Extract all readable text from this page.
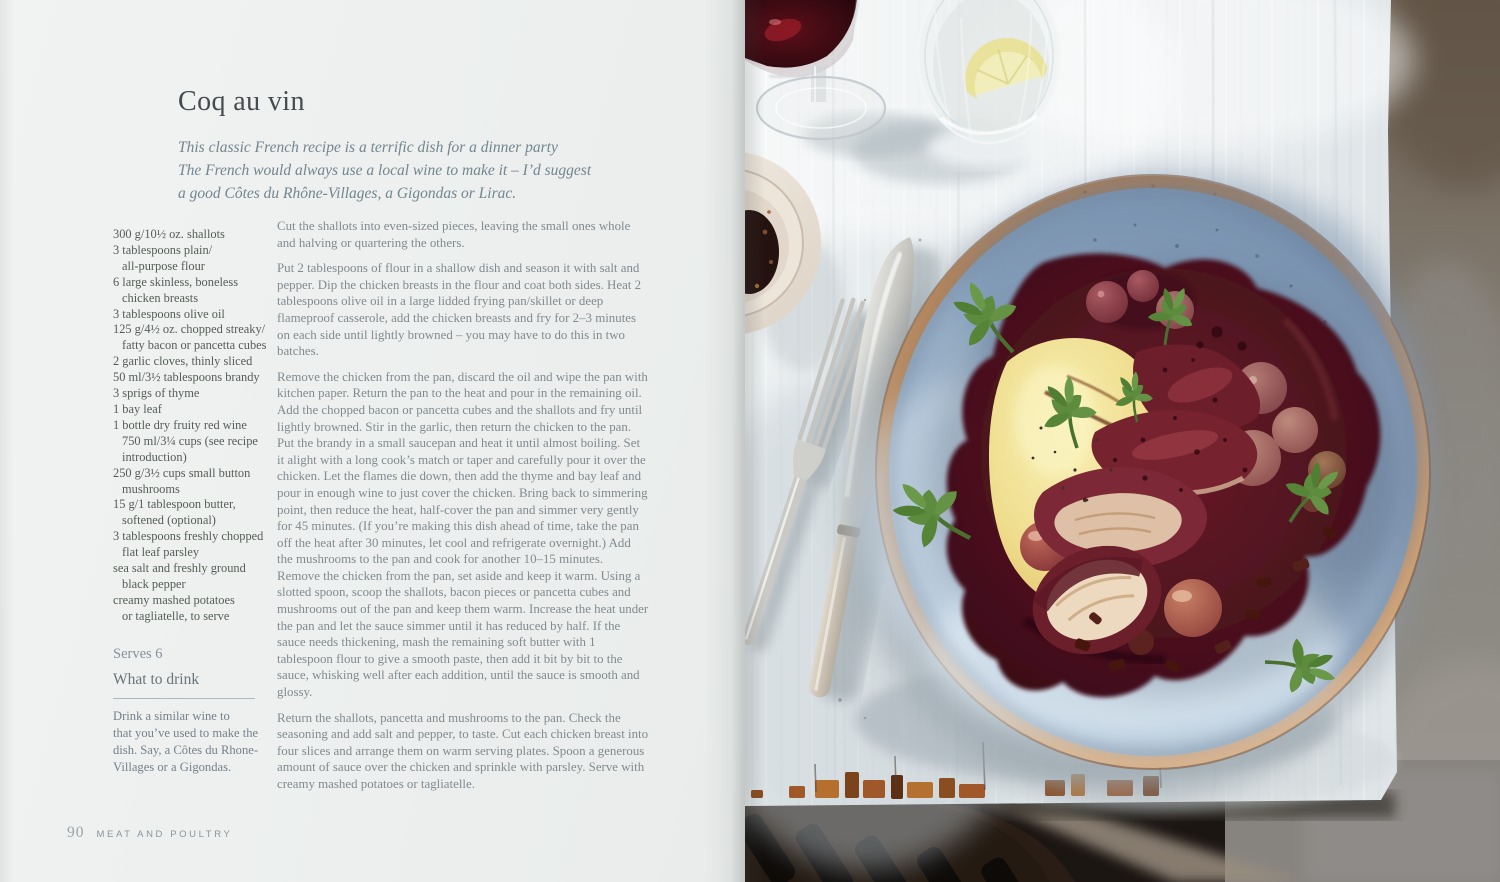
Coq au vin
This classic French recipe is a terrific dish for a dinner party
The French would always use a local wine to make it – I’d suggest
a good Côtes du Rhône-Villages, a Gigondas or Lirac.
300 g/10½ oz. shallots
3 tablespoons plain/
all-purpose flour
6 large skinless, boneless
chicken breasts
3 tablespoons olive oil
125 g/4½ oz. chopped streaky/
fatty bacon or pancetta cubes
2 garlic cloves, thinly sliced
50 ml/3½ tablespoons brandy
3 sprigs of thyme
1 bay leaf
1 bottle dry fruity red wine
750 ml/3¼ cups (see recipe
introduction)
250 g/3½ cups small button
mushrooms
15 g/1 tablespoon butter,
softened (optional)
3 tablespoons freshly chopped
flat leaf parsley
sea salt and freshly ground
black pepper
creamy mashed potatoes
or tagliatelle, to serve
Serves 6
What to drink
Drink a similar wine to
that you’ve used to make the
dish. Say, a Côtes du Rhone-
Villages or a Gigondas.

Cut the shallots into even-sized pieces, leaving the small ones whole and halving or quartering the others.

Put 2 tablespoons of flour in a shallow dish and season it with salt and pepper. Dip the chicken breasts in the flour and coat both sides. Heat 2 tablespoons olive oil in a large lidded frying pan/skillet or deep flameproof casserole, add the chicken breasts and fry for 2–3 minutes on each side until lightly browned – you may have to do this in two batches.

Remove the chicken from the pan, discard the oil and wipe the pan with kitchen paper. Return the pan to the heat and pour in the remaining oil. Add the chopped bacon or pancetta cubes and the shallots and fry until lightly browned. Stir in the garlic, then return the chicken to the pan. Put the brandy in a small saucepan and heat it until almost boiling. Set it alight with a long cook’s match or taper and carefully pour it over the chicken. Let the flames die down, then add the thyme and bay leaf and pour in enough wine to just cover the chicken. Bring back to simmering point, then reduce the heat, half-cover the pan and simmer very gently for 45 minutes. (If you’re making this dish ahead of time, take the pan off the heat after 30 minutes, let cool and refrigerate overnight.) Add the mushrooms to the pan and cook for another 10–15 minutes. Remove the chicken from the pan, set aside and keep it warm. Using a slotted spoon, scoop the shallots, bacon pieces or pancetta cubes and mushrooms out of the pan and keep them warm. Increase the heat under the pan and let the sauce simmer until it has reduced by half. If the sauce needs thickening, mash the remaining soft butter with 1 tablespoon flour to give a smooth paste, then add it bit by bit to the sauce, whisking well after each addition, until the sauce is smooth and glossy.

Return the shallots, pancetta and mushrooms to the pan. Check the seasoning and add salt and pepper, to taste. Cut each chicken breast into four slices and arrange them on warm serving plates. Spoon a generous amount of sauce over the chicken and sprinkle with parsley. Serve with creamy mashed potatoes or tagliatelle.

90 MEAT AND POULTRY
